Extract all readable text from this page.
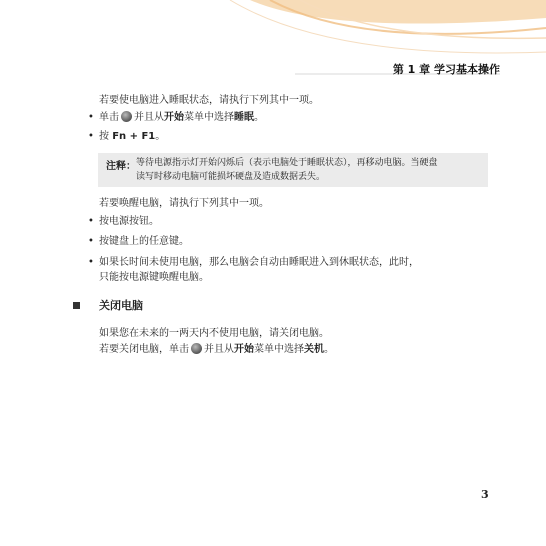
第 1 章 学习基本操作
若要使电脑进入睡眠状态，请执行下列其中一项。
• 单击 并且从开始菜单中选择睡眠。
• 按 Fn + F1。
注释： 等待电源指示灯开始闪烁后（表示电脑处于睡眠状态），再移动电脑。当硬盘
读写时移动电脑可能损坏硬盘及造成数据丢失。
若要唤醒电脑，请执行下列其中一项。
• 按电源按钮。
• 按键盘上的任意键。
• 如果长时间未使用电脑，那么电脑会自动由睡眠进入到休眠状态，此时，
只能按电源键唤醒电脑。
关闭电脑
如果您在未来的一两天内不使用电脑，请关闭电脑。
若要关闭电脑，单击 并且从开始菜单中选择关机。
3
